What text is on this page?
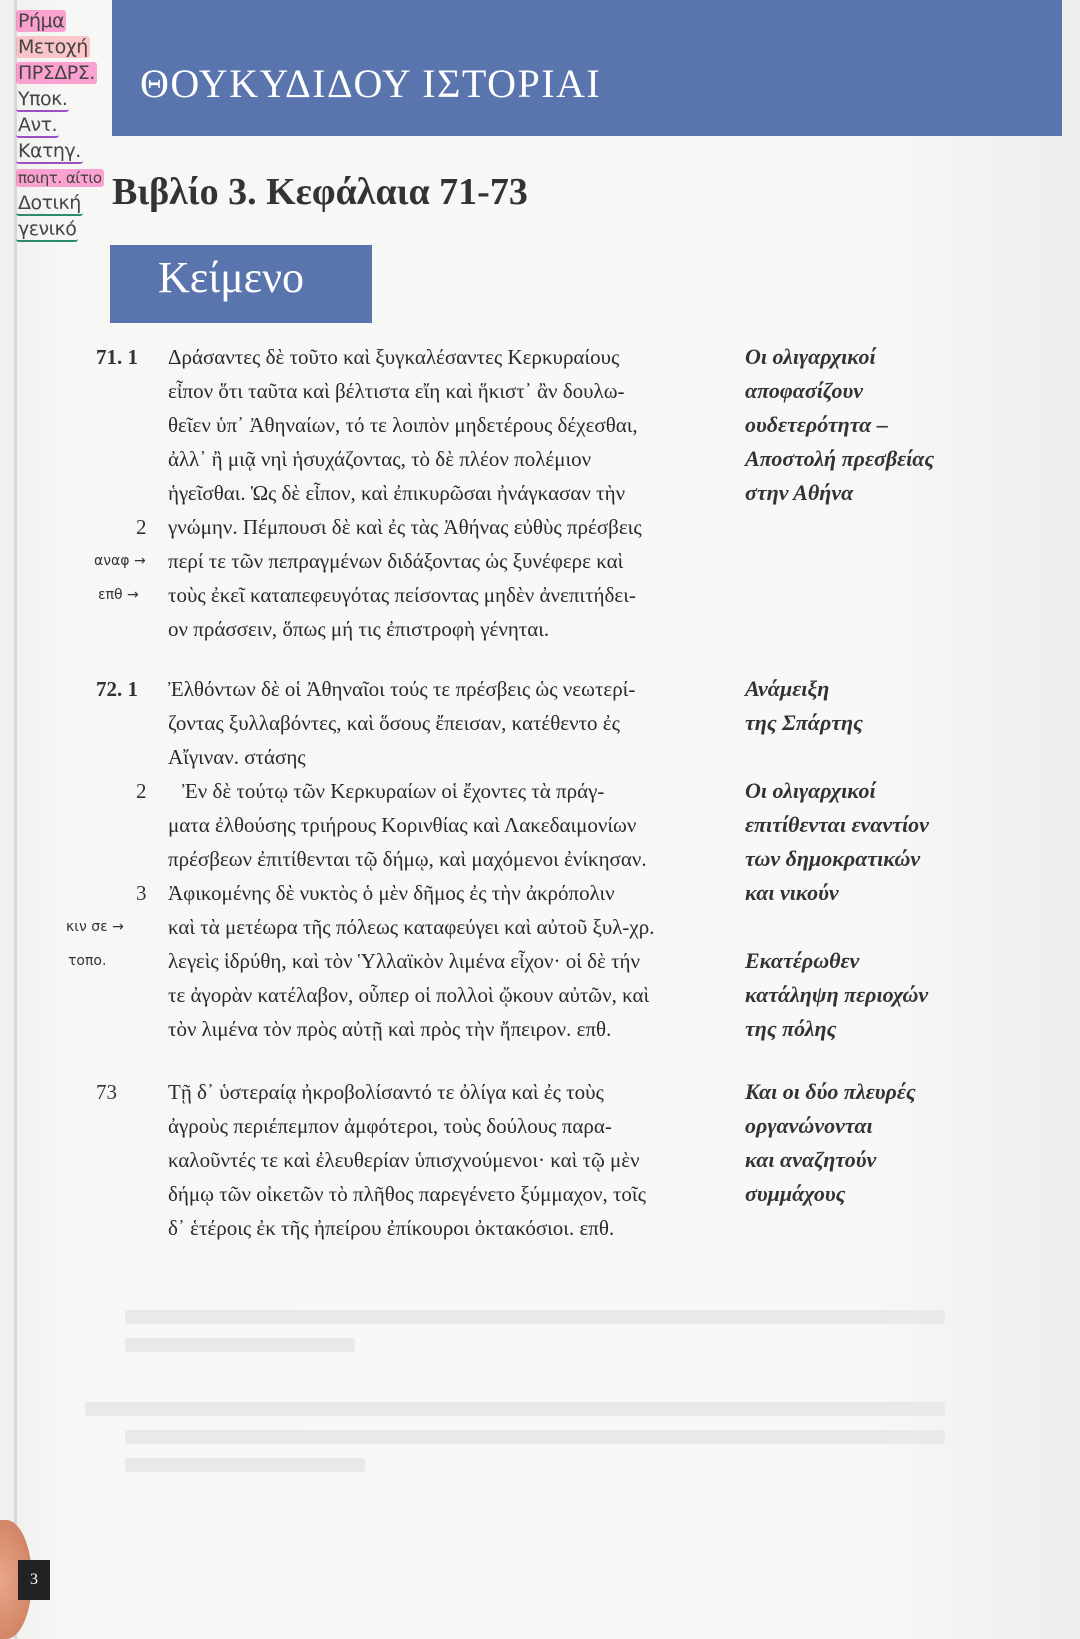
Ρήμα
Μετοχή
ΠΡΣΔΡΣ.
Υποκ.
Αντ.
Κατηγ.
ποιητ. αίτιο
Δοτική
γενικό
ΘΟΥΚΥΔΙΔΟΥ ΙΣΤΟΡΙΑΙ
Βιβλίο 3. Κεφάλαια 71-73
Κείμενο
71. 1 Δράσαντες δὲ τοῦτο καὶ ξυγκαλέσαντες Κερκυραίους
εἶπον ὅτι ταῦτα καὶ βέλτιστα εἴη καὶ ἥκιστ᾽ ἂν δουλω-
θεῖεν ὑπ᾽ Ἀθηναίων, τό τε λοιπὸν μηδετέρους δέχεσθαι,
ἀλλ᾽ ἢ μιᾷ νηὶ ἡσυχάζοντας, τὸ δὲ πλέον πολέμιον
ἡγεῖσθαι. Ὡς δὲ εἶπον, καὶ ἐπικυρῶσαι ἠνάγκασαν τὴν
2 γνώμην. Πέμπουσι δὲ καὶ ἐς τὰς Ἀθήνας εὐθὺς πρέσβεις
αναφ → περί τε τῶν πεπραγμένων διδάξοντας ὡς ξυνέφερε καὶ
επθ → τοὺς ἐκεῖ καταπεφευγότας πείσοντας μηδὲν ἀνεπιτήδει-
ον πράσσειν, ὅπως μή τις ἐπιστροφὴ γένηται.
Οι ολιγαρχικοί
αποφασίζουν
ουδετερότητα –
Αποστολή πρεσβείας
στην Αθήνα
72. 1 Ἐλθόντων δὲ οἱ Ἀθηναῖοι τούς τε πρέσβεις ὡς νεωτερί-
ζοντας ξυλλαβόντες, καὶ ὅσους ἔπεισαν, κατέθεντο ἐς
Αἴγιναν. στάσης
2 Ἐν δὲ τούτῳ τῶν Κερκυραίων οἱ ἔχοντες τὰ πράγ-
ματα ἐλθούσης τριήρους Κορινθίας καὶ Λακεδαιμονίων
πρέσβεων ἐπιτίθενται τῷ δήμῳ, καὶ μαχόμενοι ἐνίκησαν.
3 Ἀφικομένης δὲ νυκτὸς ὁ μὲν δῆμος ἐς τὴν ἀκρόπολιν
κιν σε → καὶ τὰ μετέωρα τῆς πόλεως καταφεύγει καὶ αὐτοῦ ξυλ-χρ.
τοπο.	λεγεὶς ἱδρύθη, καὶ τὸν Ὑλλαϊκὸν λιμένα εἶχον· οἱ δὲ τήν
τε ἀγορὰν κατέλαβον, οὗπερ οἱ πολλοὶ ᾤκουν αὐτῶν, καὶ
τὸν λιμένα τὸν πρὸς αὐτῇ καὶ πρὸς τὴν ἤπειρον. επθ.
Ανάμειξη
της Σπάρτης
Οι ολιγαρχικοί
επιτίθενται εναντίον
των δημοκρατικών
και νικούν
Εκατέρωθεν
κατάληψη περιοχών
της πόλης
73 Τῇ δ᾽ ὑστεραίᾳ ἠκροβολίσαντό τε ὀλίγα καὶ ἐς τοὺς
ἀγροὺς περιέπεμπον ἀμφότεροι, τοὺς δούλους παρα-
καλοῦντές τε καὶ ἐλευθερίαν ὑπισχνούμενοι· καὶ τῷ μὲν
δήμῳ τῶν οἰκετῶν τὸ πλῆθος παρεγένετο ξύμμαχον, τοῖς
δ᾽ ἑτέροις ἐκ τῆς ἠπείρου ἐπίκουροι ὀκτακόσιοι. επθ.
Και οι δύο πλευρές
οργανώνονται
και αναζητούν
συμμάχους
3
